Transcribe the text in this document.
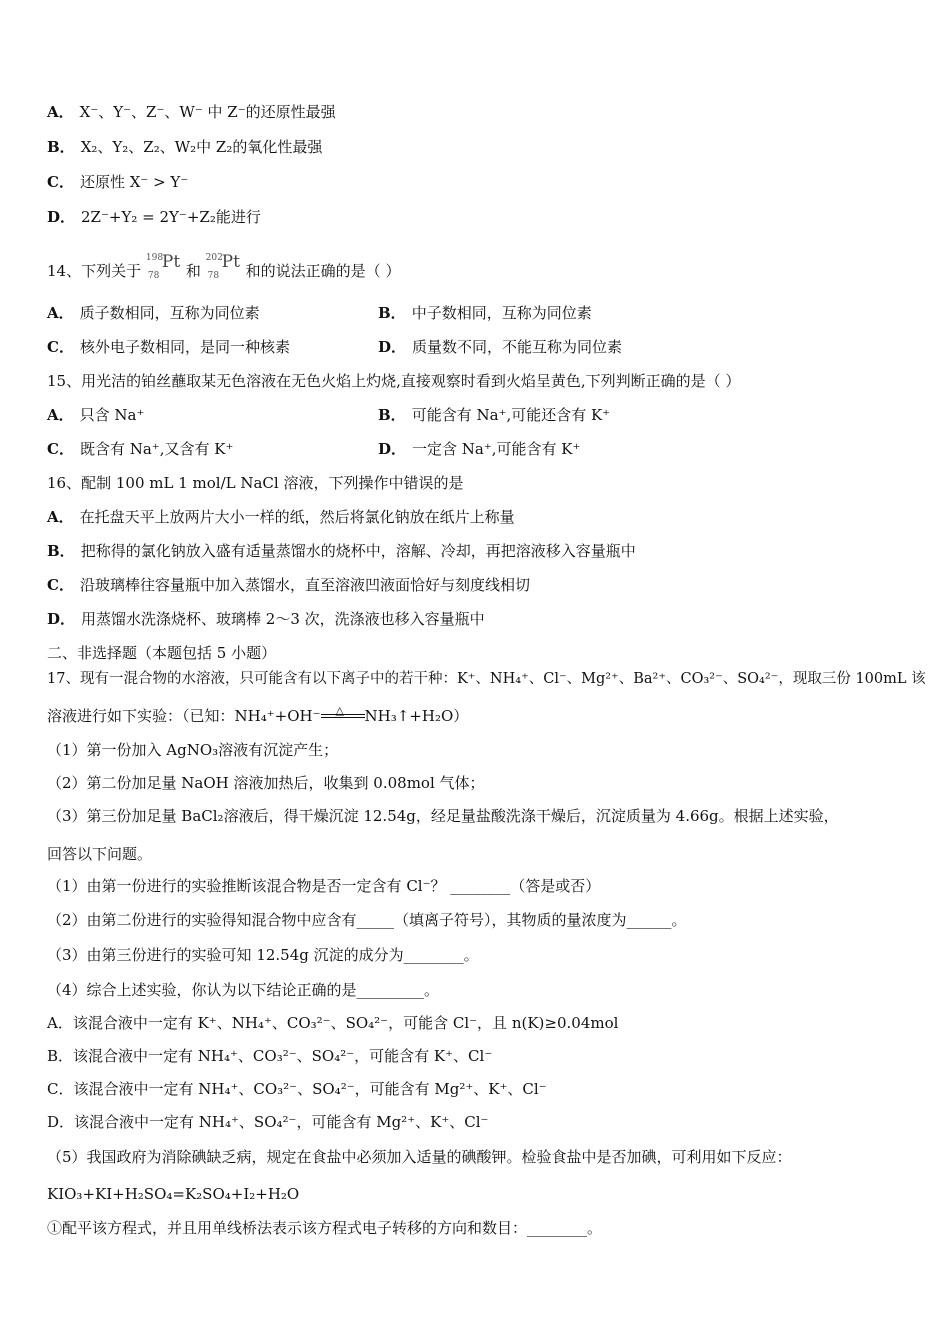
A． X⁻、Y⁻、Z⁻、W⁻ 中 Z⁻的还原性最强
B． X₂、Y₂、Z₂、W₂中 Z₂的氧化性最强
C． 还原性 X⁻ > Y⁻
D． 2Z⁻+Y₂ = 2Y⁻+Z₂能进行
14、下列关于
198
78
Pt 和
202
78
Pt 和的说法正确的是（ ）
A． 质子数相同，互称为同位素	B． 中子数相同，互称为同位素
C． 核外电子数相同，是同一种核素	D． 质量数不同，不能互称为同位素
15、用光洁的铂丝蘸取某无色溶液在无色火焰上灼烧,直接观察时看到火焰呈黄色,下列判断正确的是（ ）
A． 只含 Na⁺	B． 可能含有 Na⁺,可能还含有 K⁺
C． 既含有 Na⁺,又含有 K⁺	D． 一定含 Na⁺,可能含有 K⁺
16、配制 100 mL 1 mol/L NaCl 溶液，下列操作中错误的是
A． 在托盘天平上放两片大小一样的纸，然后将氯化钠放在纸片上称量
B． 把称得的氯化钠放入盛有适量蒸馏水的烧杯中，溶解、冷却，再把溶液移入容量瓶中
C． 沿玻璃棒往容量瓶中加入蒸馏水，直至溶液凹液面恰好与刻度线相切
D． 用蒸馏水洗涤烧杯、玻璃棒 2～3 次，洗涤液也移入容量瓶中
二、非选择题（本题包括 5 小题）
17、现有一混合物的水溶液，只可能含有以下离子中的若干种：K⁺、NH₄⁺、Cl⁻、Mg²⁺、Ba²⁺、CO₃²⁻、SO₄²⁻，现取三份 100mL 该
溶液进行如下实验：（已知：NH₄⁺+OH⁻ △ NH₃↑+H₂O）
（1）第一份加入 AgNO₃溶液有沉淀产生；
（2）第二份加足量 NaOH 溶液加热后，收集到 0.08mol 气体；
（3）第三份加足量 BaCl₂溶液后，得干燥沉淀 12.54g，经足量盐酸洗涤干燥后，沉淀质量为 4.66g。根据上述实验，
回答以下问题。
（1）由第一份进行的实验推断该混合物是否一定含有 Cl⁻？ ________（答是或否）
（2）由第二份进行的实验得知混合物中应含有_____（填离子符号），其物质的量浓度为______。
（3）由第三份进行的实验可知 12.54g 沉淀的成分为________。
（4）综合上述实验，你认为以下结论正确的是_________。
A．该混合液中一定有 K⁺、NH₄⁺、CO₃²⁻、SO₄²⁻，可能含 Cl⁻，且 n(K)≥0.04mol
B．该混合液中一定有 NH₄⁺、CO₃²⁻、SO₄²⁻，可能含有 K⁺、Cl⁻
C．该混合液中一定有 NH₄⁺、CO₃²⁻、SO₄²⁻，可能含有 Mg²⁺、K⁺、Cl⁻
D．该混合液中一定有 NH₄⁺、SO₄²⁻，可能含有 Mg²⁺、K⁺、Cl⁻
（5）我国政府为消除碘缺乏病，规定在食盐中必须加入适量的碘酸钾。检验食盐中是否加碘，可利用如下反应：
KIO₃+KI+H₂SO₄=K₂SO₄+I₂+H₂O
①配平该方程式，并且用单线桥法表示该方程式电子转移的方向和数目：________。
